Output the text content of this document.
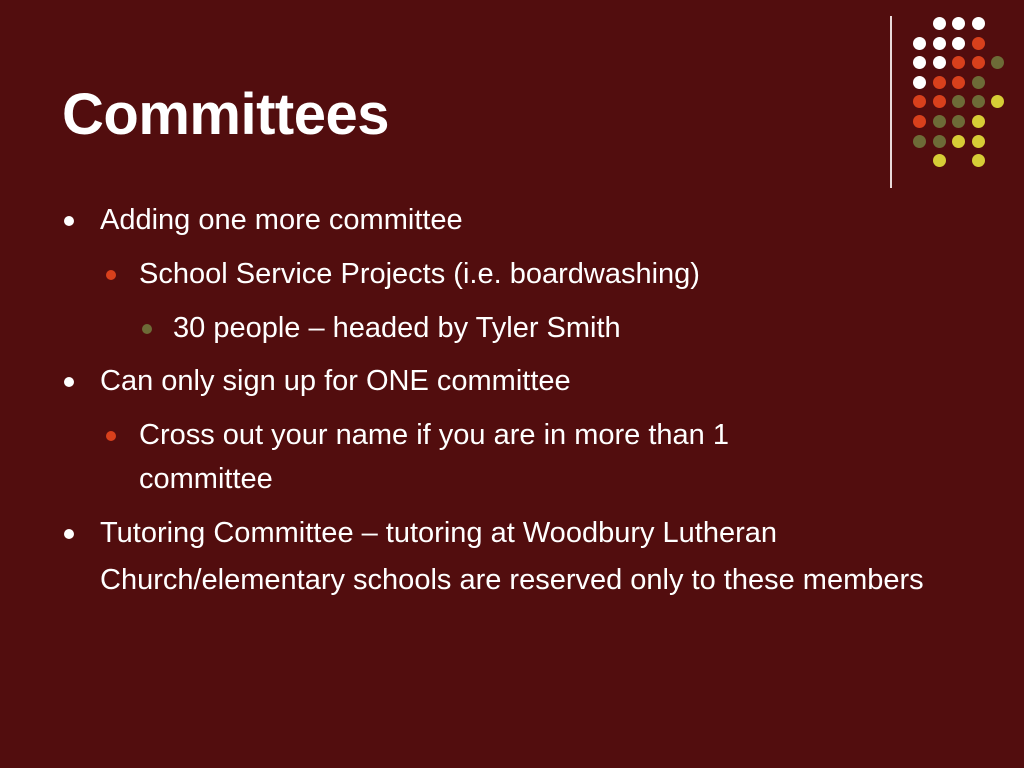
Committees
Adding one more committee
School Service Projects (i.e. boardwashing)
30 people – headed by Tyler Smith
Can only sign up for ONE committee
Cross out your name if you are in more than 1 committee
Tutoring Committee – tutoring at Woodbury Lutheran Church/elementary schools are reserved only to these members
